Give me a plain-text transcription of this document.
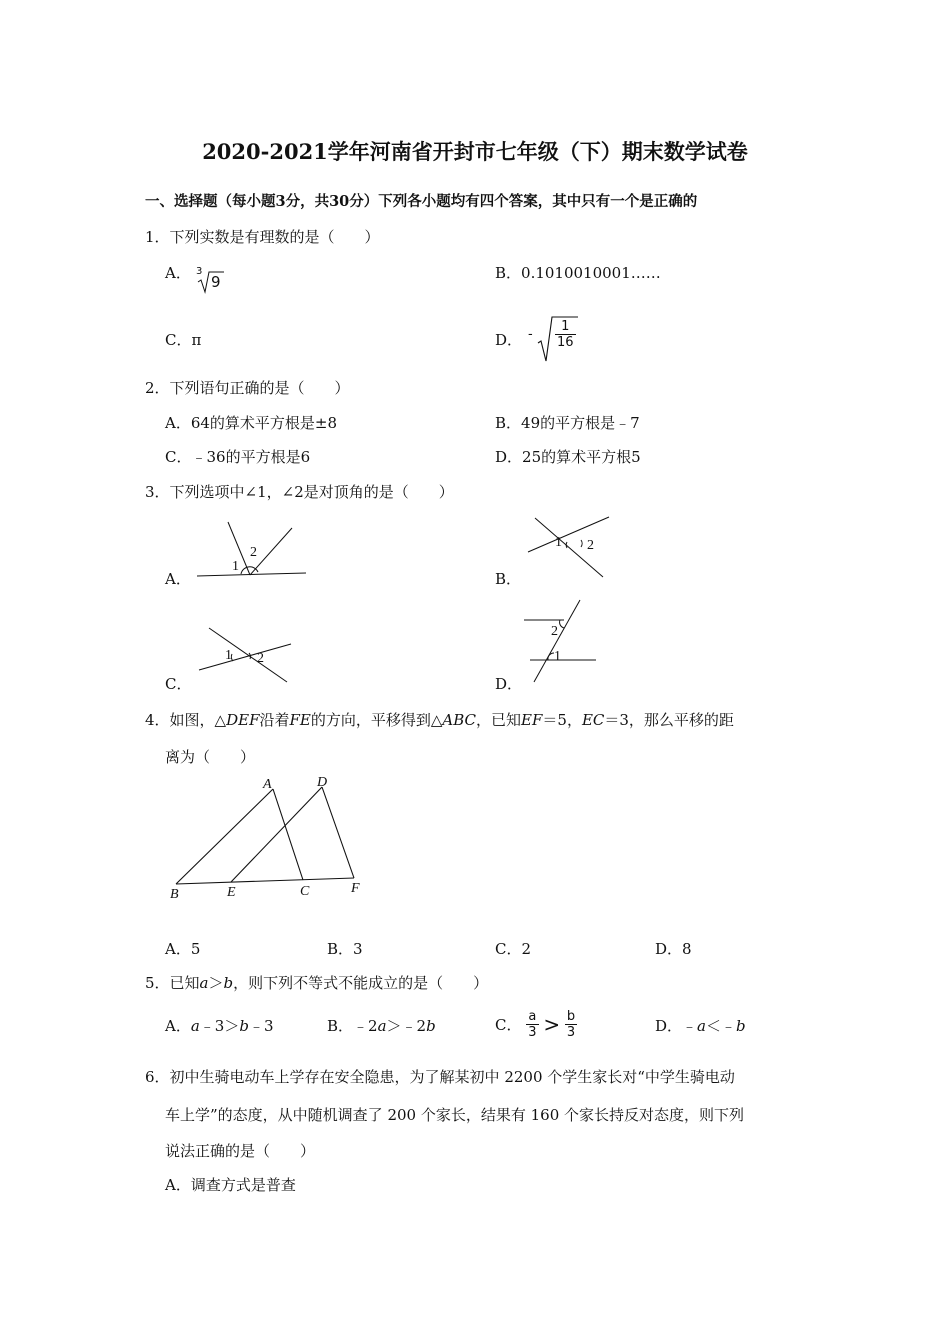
2020-2021学年河南省开封市七年级（下）期末数学试卷
一、选择题（每小题3分，共30分）下列各小题均有四个答案，其中只有一个是正确的
1．下列实数是有理数的是（　　）
A． 3
9	B．0.1010010001……
C．π	D． - $\frac{1}{16}$
2．下列语句正确的是（　　）
A．64的算术平方根是±8	B．49的平方根是﹣7
C．﹣36的平方根是6	D．25的算术平方根5
3．下列选项中∠1，∠2是对顶角的是（　　）
A．	B．
C．	D．
1
2
1 2
1 2
2
1
4．如图，△DEF沿着FE的方向，平移得到△ABC，已知EF＝5，EC＝3，那么平移的距
离为（　　）
A	D
B	E	C	F
A．5	B．3	C．2	D．8
5．已知a＞b，则下列不等式不能成立的是（　　）
A．a﹣3＞b﹣3	B．﹣2a＞﹣2b	C． $\frac{a}{3} > \frac{b}{3}$	D．﹣a＜﹣b
6．初中生骑电动车上学存在安全隐患，为了解某初中 2200 个学生家长对“中学生骑电动
车上学”的态度，从中随机调查了 200 个家长，结果有 160 个家长持反对态度，则下列
说法正确的是（　　）
A．调查方式是普查
